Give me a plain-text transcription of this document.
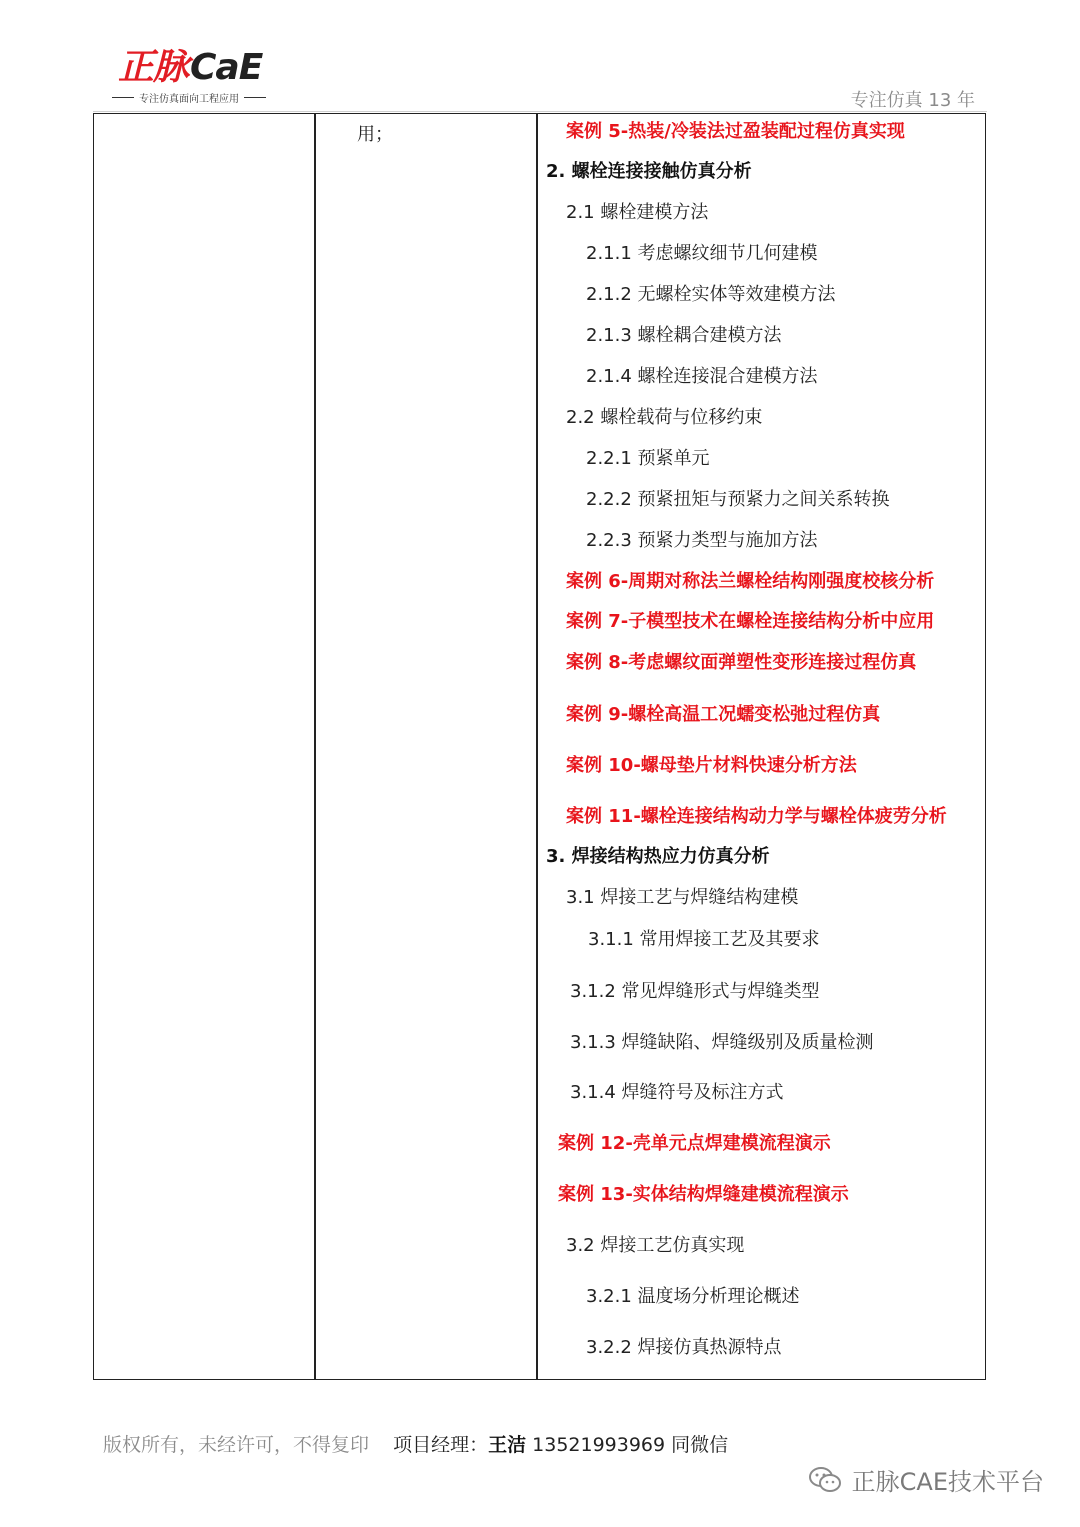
正脉CaE
专注仿真面向工程应用	专注仿真 13 年
用；	案例 5-热装/冷装法过盈装配过程仿真实现
2. 螺栓连接接触仿真分析
2.1 螺栓建模方法
2.1.1 考虑螺纹细节几何建模
2.1.2 无螺栓实体等效建模方法
2.1.3 螺栓耦合建模方法
2.1.4 螺栓连接混合建模方法
2.2 螺栓载荷与位移约束
2.2.1 预紧单元
2.2.2 预紧扭矩与预紧力之间关系转换
2.2.3 预紧力类型与施加方法
案例 6-周期对称法兰螺栓结构刚强度校核分析
案例 7-子模型技术在螺栓连接结构分析中应用
案例 8-考虑螺纹面弹塑性变形连接过程仿真
案例 9-螺栓高温工况蠕变松弛过程仿真
案例 10-螺母垫片材料快速分析方法
案例 11-螺栓连接结构动力学与螺栓体疲劳分析
3. 焊接结构热应力仿真分析
3.1 焊接工艺与焊缝结构建模
3.1.1 常用焊接工艺及其要求
3.1.2 常见焊缝形式与焊缝类型
3.1.3 焊缝缺陷、焊缝级别及质量检测
3.1.4 焊缝符号及标注方式
案例 12-壳单元点焊建模流程演示
案例 13-实体结构焊缝建模流程演示
3.2 焊接工艺仿真实现
3.2.1 温度场分析理论概述
3.2.2 焊接仿真热源特点
版权所有，未经许可，不得复印 项目经理：王洁 13521993969 同微信
正脉CAE技术平台
